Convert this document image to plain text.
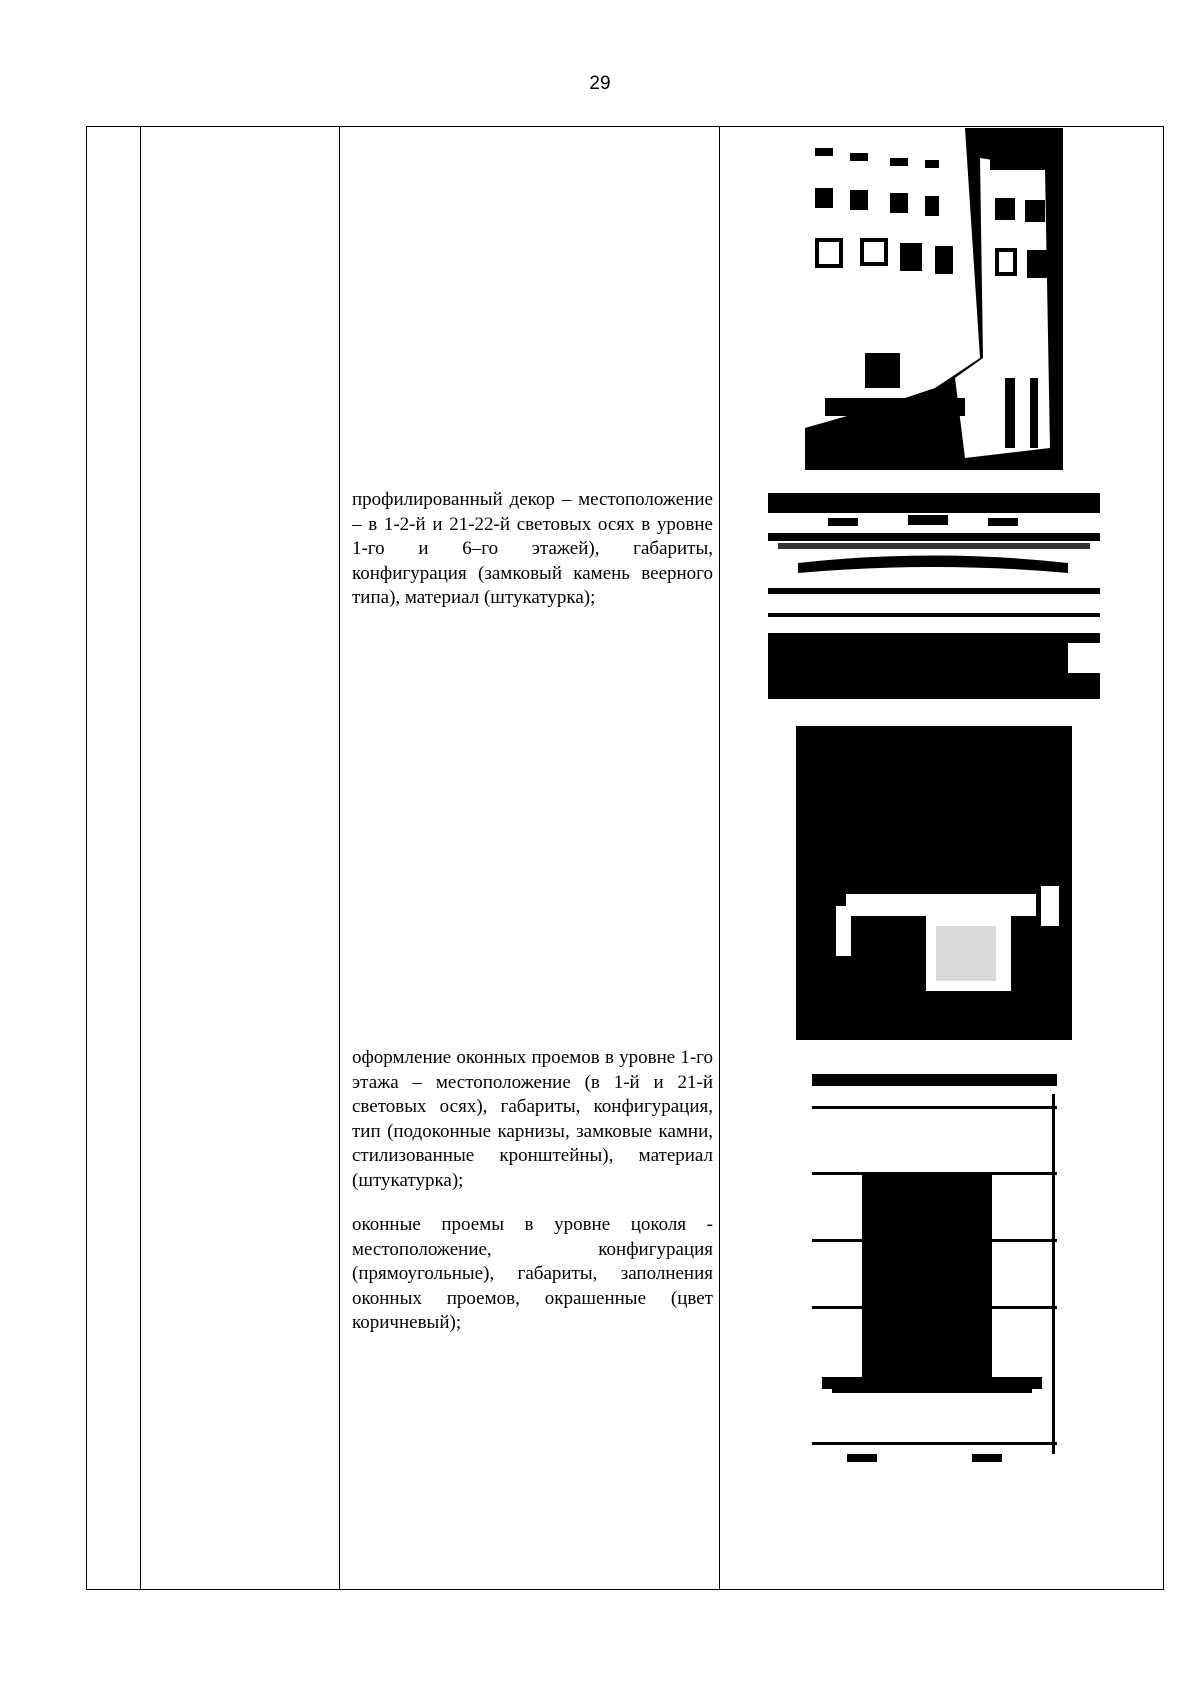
29

профилированный декор – местоположение – в 1-2-й и 21-22-й световых осях в уровне 1-го и 6–го этажей), габариты, конфигурация (замковый камень веерного типа), материал (штукатурка);

оформление оконных проемов в уровне 1-го этажа – местоположение (в 1-й и 21-й световых осях), габариты, конфигурация, тип (подоконные карнизы, замковые камни, стилизованные кронштейны), материал (штукатурка);

оконные проемы в уровне цоколя - местоположение, конфигурация (прямоугольные), габариты, заполнения оконных проемов, окрашенные (цвет коричневый);
